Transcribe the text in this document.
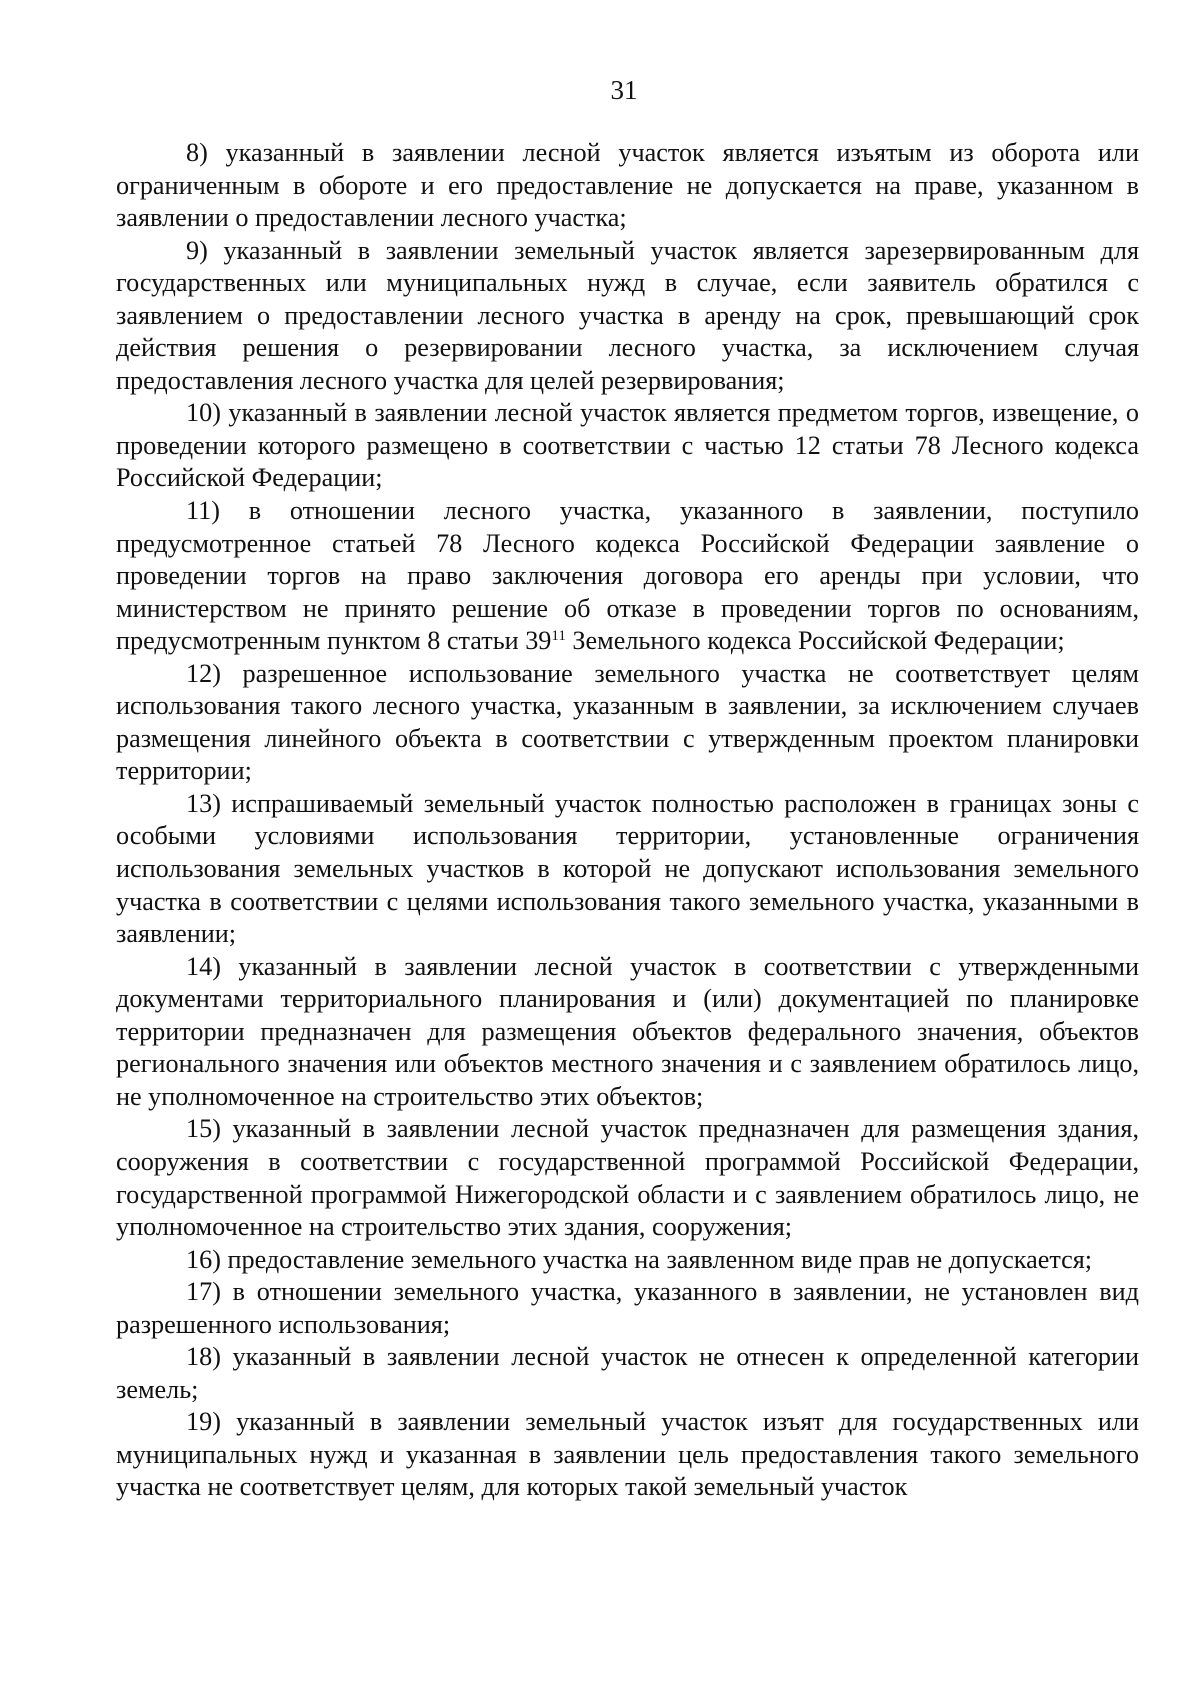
31

8) указанный в заявлении лесной участок является изъятым из оборота или ограниченным в обороте и его предоставление не допускается на праве, указанном в заявлении о предоставлении лесного участка;

9) указанный в заявлении земельный участок является зарезервированным для государственных или муниципальных нужд в случае, если заявитель обратился с заявлением о предоставлении лесного участка в аренду на срок, превышающий срок действия решения о резервировании лесного участка, за исключением случая предоставления лесного участка для целей резервирования;

10) указанный в заявлении лесной участок является предметом торгов, извещение, о проведении которого размещено в соответствии с частью 12 статьи 78 Лесного кодекса Российской Федерации;

11) в отношении лесного участка, указанного в заявлении, поступило предусмотренное статьей 78 Лесного кодекса Российской Федерации заявление о проведении торгов на право заключения договора его аренды при условии, что министерством не принято решение об отказе в проведении торгов по основаниям, предусмотренным пунктом 8 статьи $39^{11}$ Земельного кодекса Российской Федерации;

12) разрешенное использование земельного участка не соответствует целям использования такого лесного участка, указанным в заявлении, за исключением случаев размещения линейного объекта в соответствии с утвержденным проектом планировки территории;

13) испрашиваемый земельный участок полностью расположен в границах зоны с особыми условиями использования территории, установленные ограничения использования земельных участков в которой не допускают использования земельного участка в соответствии с целями использования такого земельного участка, указанными в заявлении;

14) указанный в заявлении лесной участок в соответствии с утвержденными документами территориального планирования и (или) документацией по планировке территории предназначен для размещения объектов федерального значения, объектов регионального значения или объектов местного значения и с заявлением обратилось лицо, не уполномоченное на строительство этих объектов;

15) указанный в заявлении лесной участок предназначен для размещения здания, сооружения в соответствии с государственной программой Российской Федерации, государственной программой Нижегородской области и с заявлением обратилось лицо, не уполномоченное на строительство этих здания, сооружения;

16) предоставление земельного участка на заявленном виде прав не допускается;

17) в отношении земельного участка, указанного в заявлении, не установлен вид разрешенного использования;

18) указанный в заявлении лесной участок не отнесен к определенной категории земель;

19) указанный в заявлении земельный участок изъят для государственных или муниципальных нужд и указанная в заявлении цель предоставления такого земельного участка не соответствует целям, для которых такой земельный участок
